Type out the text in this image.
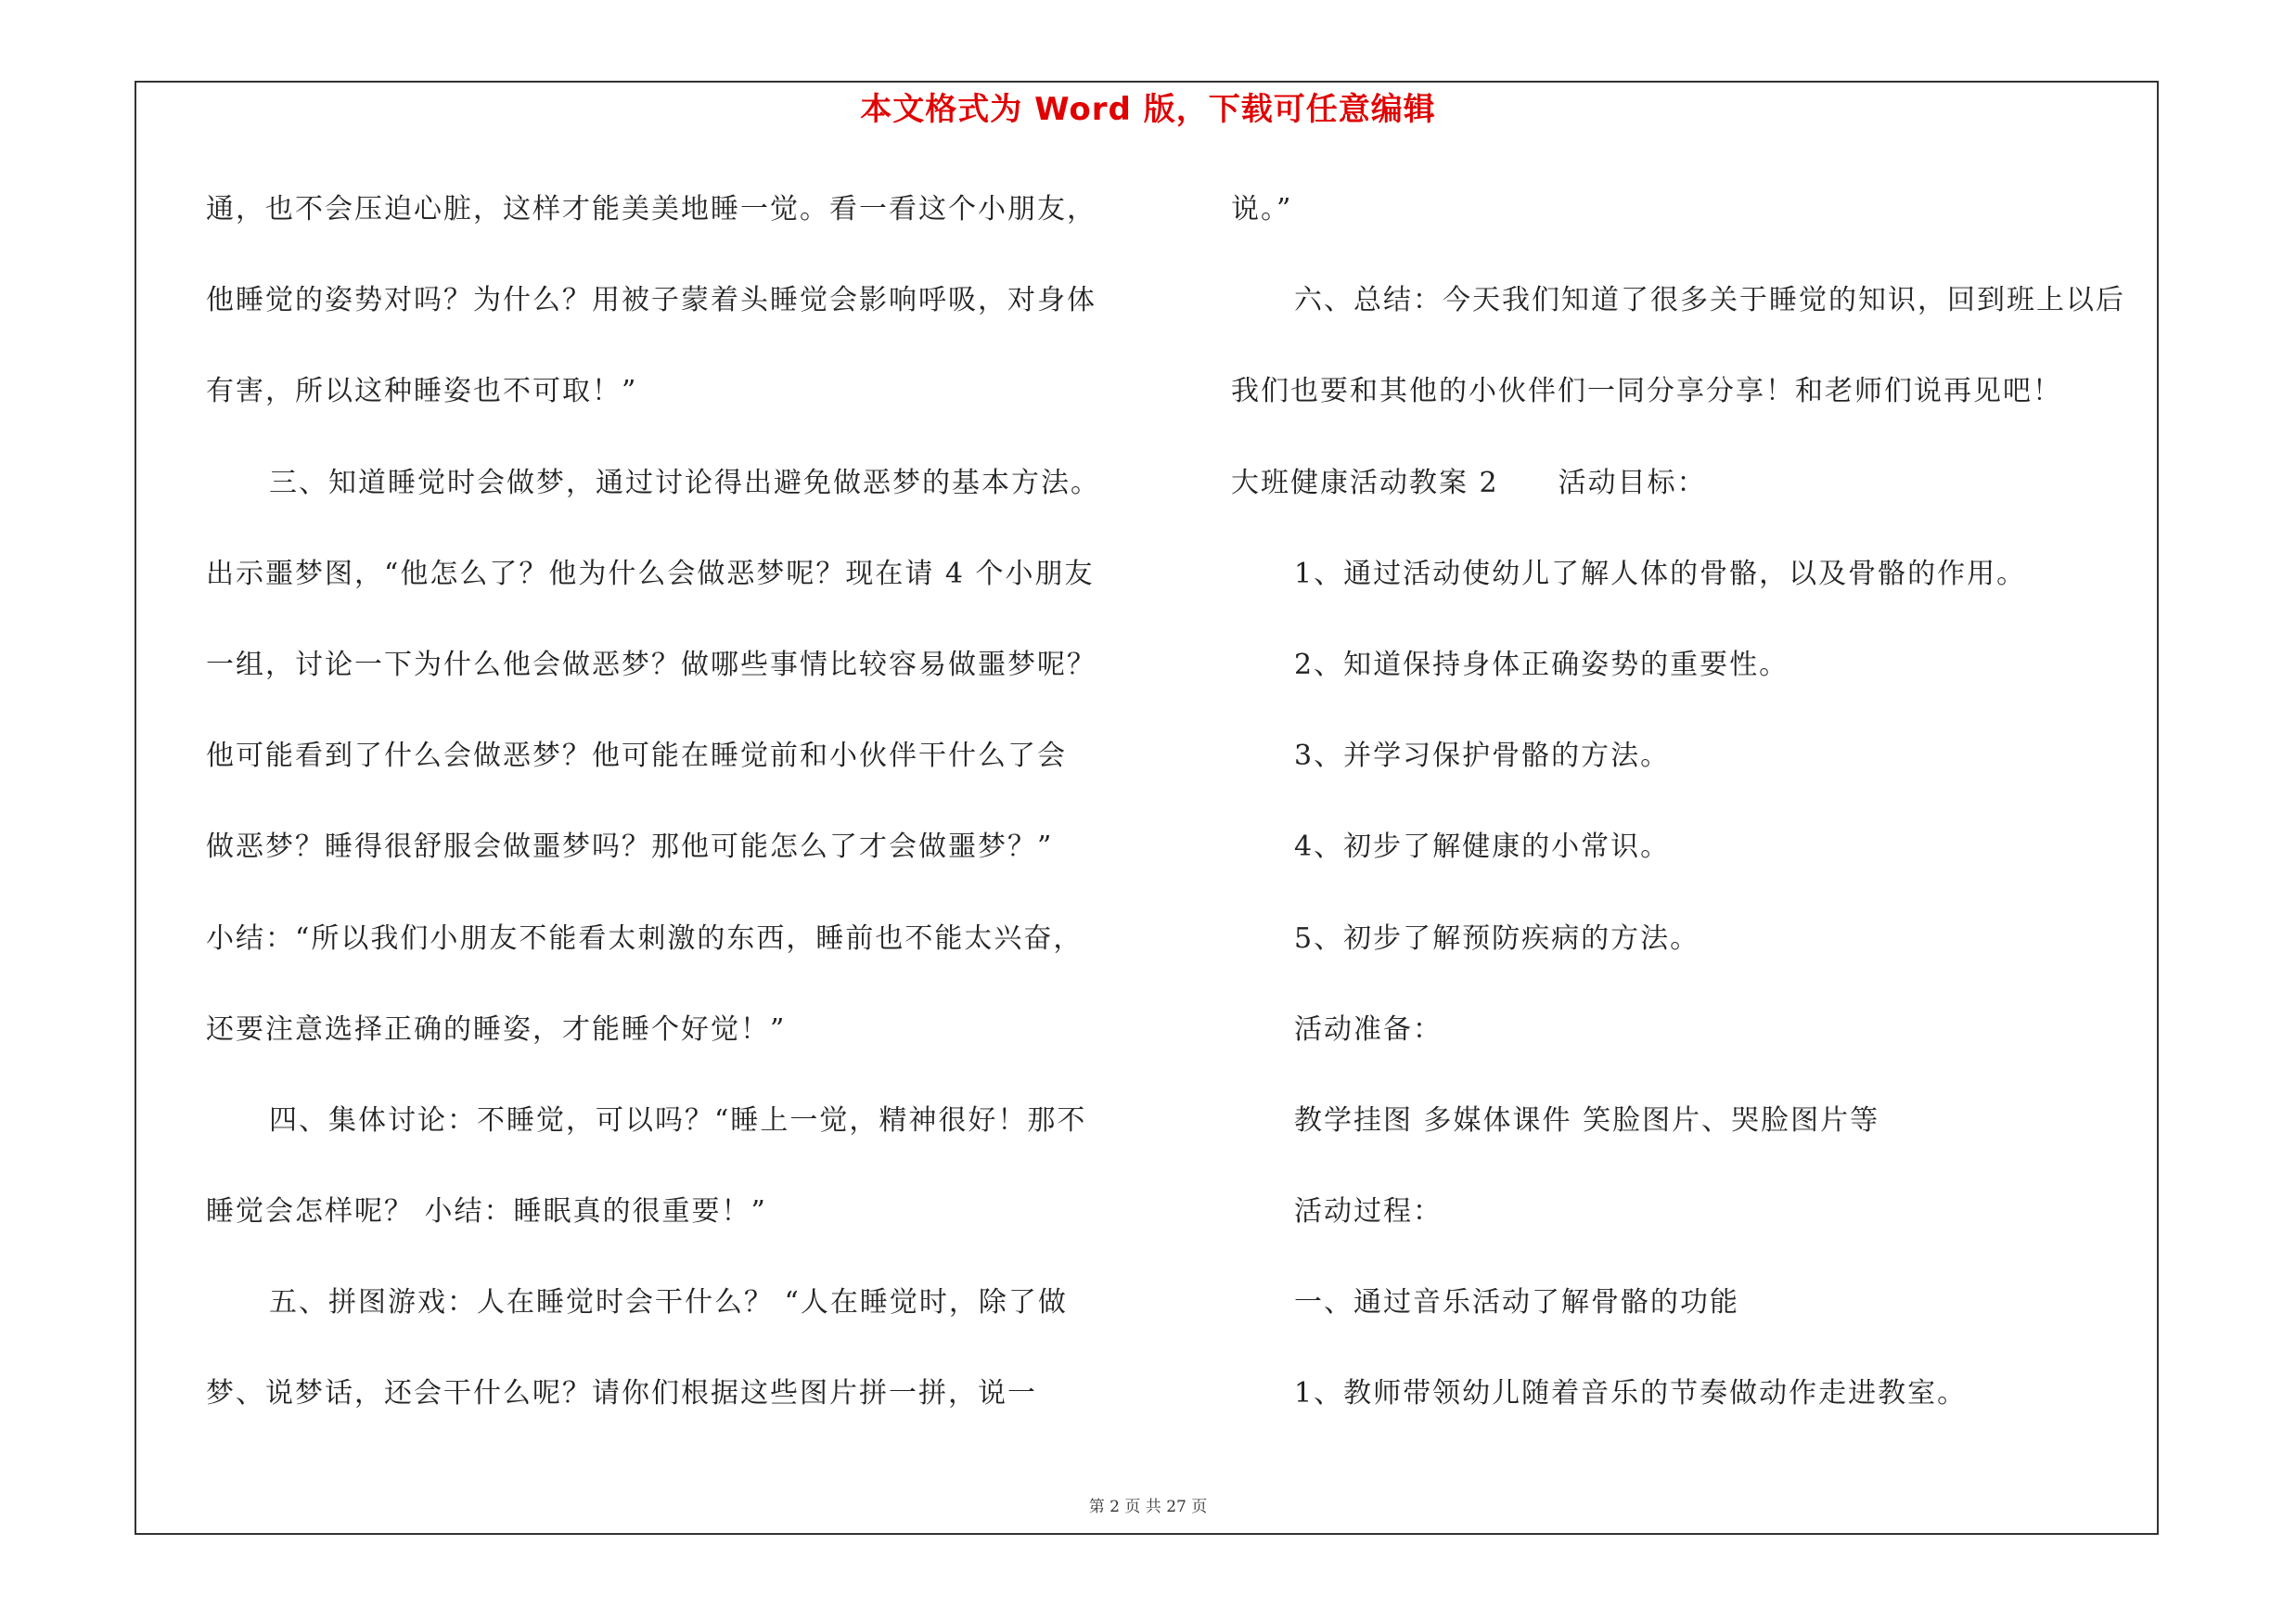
本文格式为 Word 版，下载可任意编辑
通，也不会压迫心脏，这样才能美美地睡一觉。看一看这个小朋友，
他睡觉的姿势对吗？为什么？用被子蒙着头睡觉会影响呼吸，对身体
有害，所以这种睡姿也不可取！”
三、知道睡觉时会做梦，通过讨论得出避免做恶梦的基本方法。
出示噩梦图，“他怎么了？他为什么会做恶梦呢？现在请 4 个小朋友
一组，讨论一下为什么他会做恶梦？做哪些事情比较容易做噩梦呢？
他可能看到了什么会做恶梦？他可能在睡觉前和小伙伴干什么了会
做恶梦？睡得很舒服会做噩梦吗？那他可能怎么了才会做噩梦？”
小结：“所以我们小朋友不能看太刺激的东西，睡前也不能太兴奋，
还要注意选择正确的睡姿，才能睡个好觉！”
四、集体讨论：不睡觉，可以吗？“睡上一觉，精神很好！那不
睡觉会怎样呢？ 小结：睡眠真的很重要！”
五、拼图游戏：人在睡觉时会干什么？ “人在睡觉时，除了做
梦、说梦话，还会干什么呢？请你们根据这些图片拼一拼，说一
说。”
六、总结：今天我们知道了很多关于睡觉的知识，回到班上以后
我们也要和其他的小伙伴们一同分享分享！和老师们说再见吧！
大班健康活动教案 2　　活动目标：
1、通过活动使幼儿了解人体的骨骼，以及骨骼的作用。
2、知道保持身体正确姿势的重要性。
3、并学习保护骨骼的方法。
4、初步了解健康的小常识。
5、初步了解预防疾病的方法。
活动准备：
教学挂图 多媒体课件 笑脸图片、哭脸图片等
活动过程：
一、通过音乐活动了解骨骼的功能
1、教师带领幼儿随着音乐的节奏做动作走进教室。
第 2 页 共 27 页
